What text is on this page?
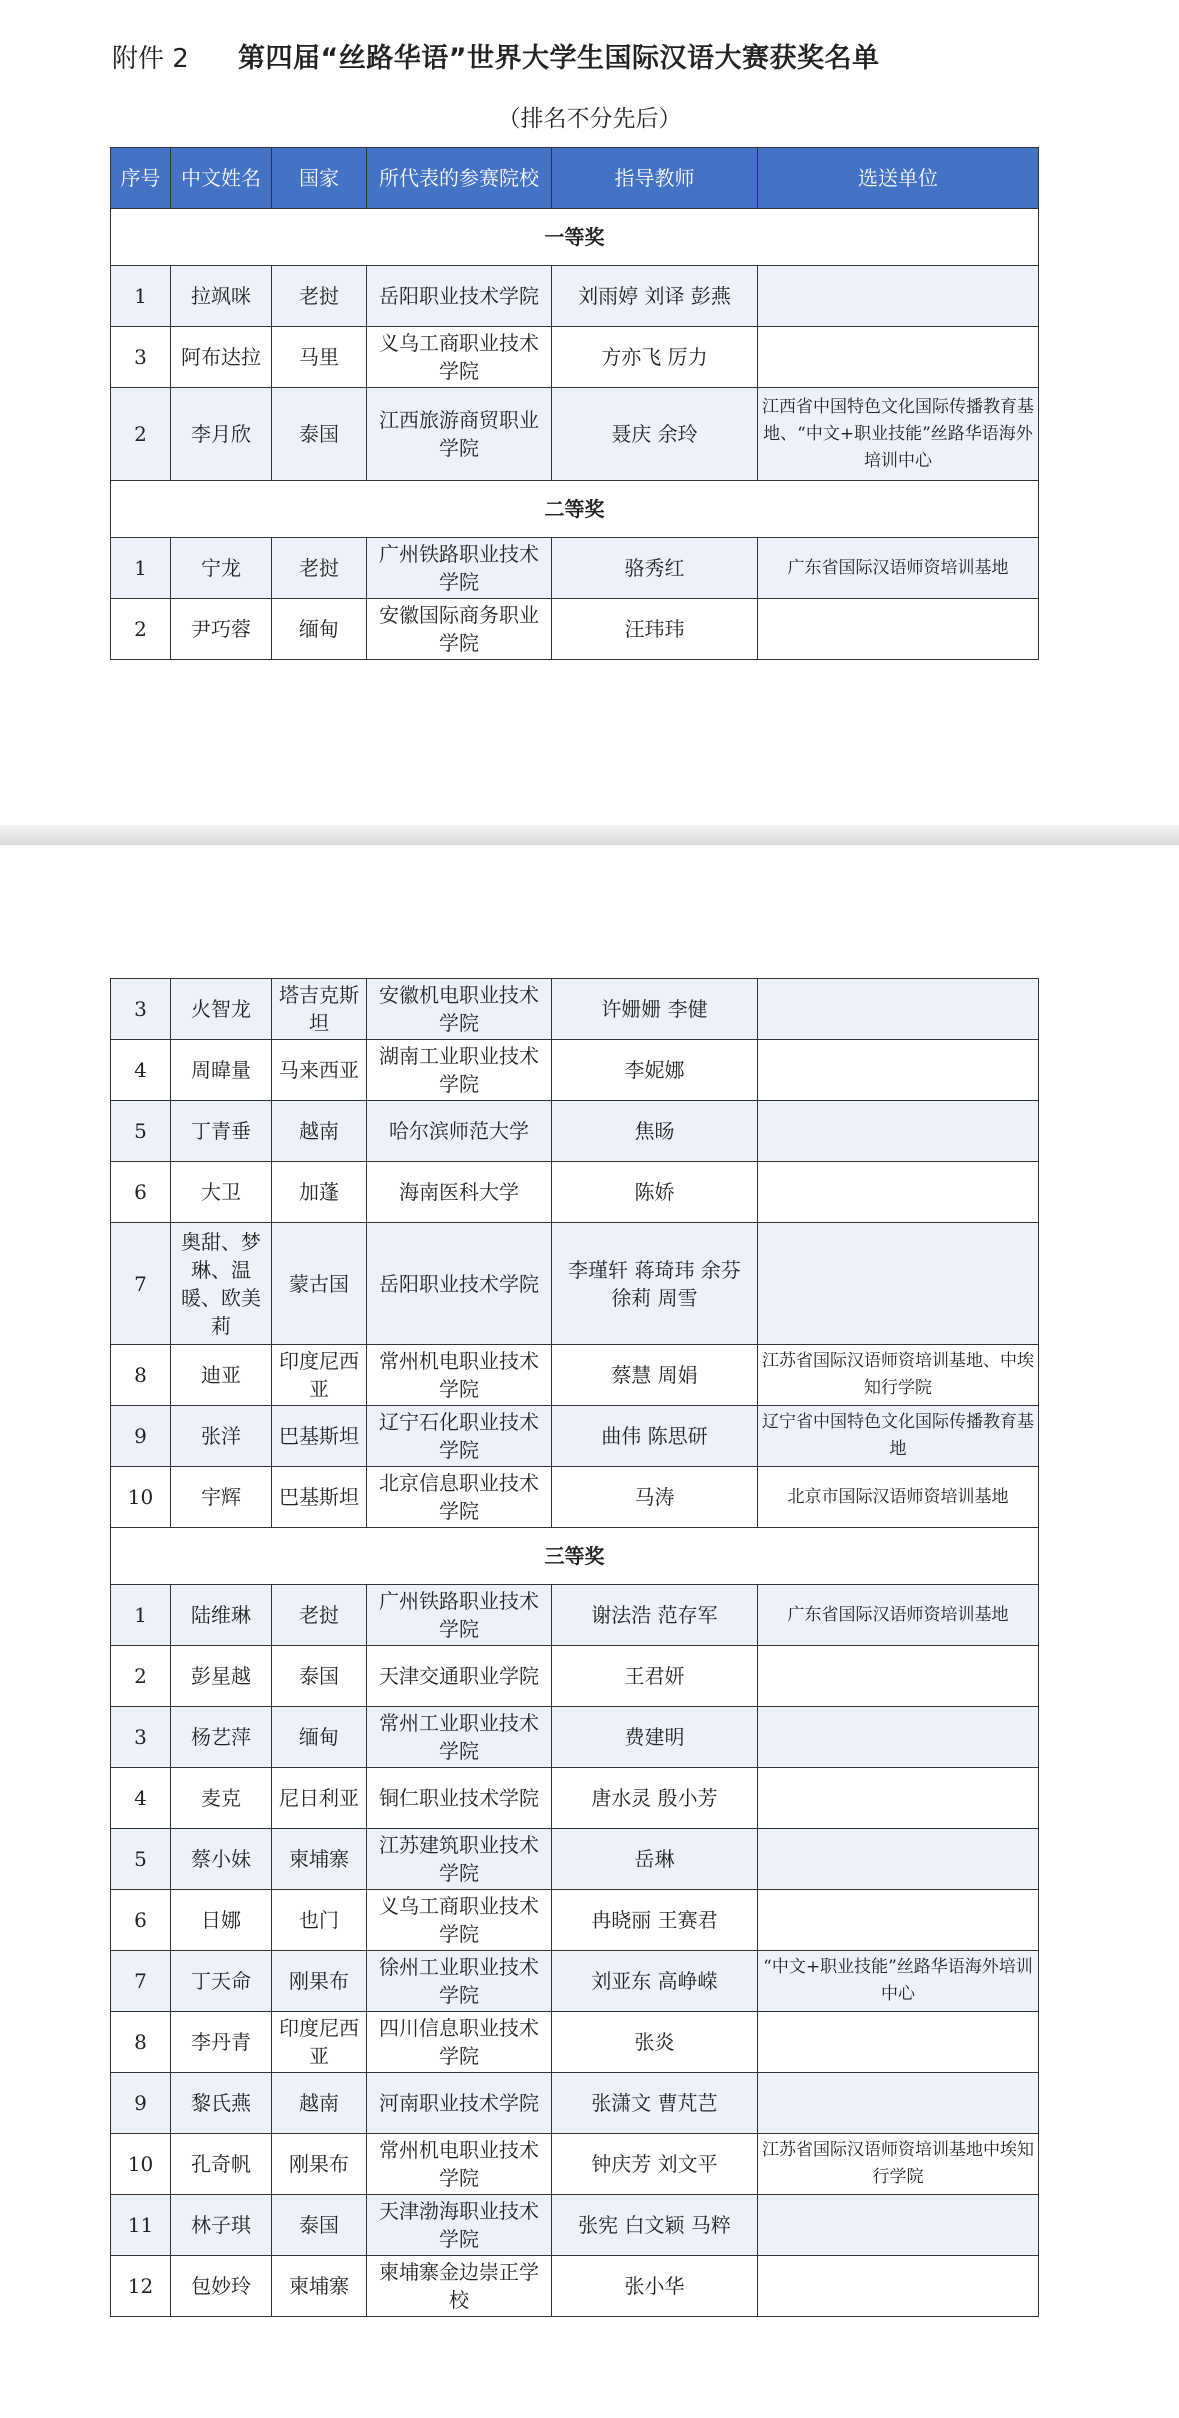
附件 2 第四届“丝路华语”世界大学生国际汉语大赛获奖名单
（排名不分先后）
序号	中文姓名	国家	所代表的参赛院校	指导教师	选送单位
一等奖					
1	拉飒咪	老挝	岳阳职业技术学院	刘雨婷 刘译 彭燕	
3	阿布达拉	马里	义乌工商职业技术学院	方亦飞 厉力	
2	李月欣	泰国	江西旅游商贸职业学院	聂庆 余玲	江西省中国特色文化国际传播教育基地、“中文+职业技能”丝路华语海外培训中心
二等奖					
1	宁龙	老挝	广州铁路职业技术学院	骆秀红	广东省国际汉语师资培训基地
2	尹巧蓉	缅甸	安徽国际商务职业学院	汪玮玮	
3	火智龙	塔吉克斯坦	安徽机电职业技术学院	许姗姗 李健	
4	周暐量	马来西亚	湖南工业职业技术学院	李妮娜	
5	丁青垂	越南	哈尔滨师范大学	焦旸	
6	大卫	加蓬	海南医科大学	陈娇	
7	奥甜、梦琳、温暖、欧美莉	蒙古国	岳阳职业技术学院	李瑾轩 蒋琦玮 余芬 徐莉 周雪	
8	迪亚	印度尼西亚	常州机电职业技术学院	蔡慧 周娟	江苏省国际汉语师资培训基地、中埃知行学院
9	张洋	巴基斯坦	辽宁石化职业技术学院	曲伟 陈思研	辽宁省中国特色文化国际传播教育基地
10	宇辉	巴基斯坦	北京信息职业技术学院	马涛	北京市国际汉语师资培训基地
三等奖					
1	陆维琳	老挝	广州铁路职业技术学院	谢法浩 范存军	广东省国际汉语师资培训基地
2	彭星越	泰国	天津交通职业学院	王君妍	
3	杨艺萍	缅甸	常州工业职业技术学院	费建明	
4	麦克	尼日利亚	铜仁职业技术学院	唐水灵 殷小芳	
5	蔡小妹	柬埔寨	江苏建筑职业技术学院	岳琳	
6	日娜	也门	义乌工商职业技术学院	冉晓丽 王赛君	
7	丁天命	刚果布	徐州工业职业技术学院	刘亚东 高峥嵘	“中文+职业技能”丝路华语海外培训中心
8	李丹青	印度尼西亚	四川信息职业技术学院	张炎	
9	黎氏燕	越南	河南职业技术学院	张潇文 曹芃芑	
10	孔奇帆	刚果布	常州机电职业技术学院	钟庆芳 刘文平	江苏省国际汉语师资培训基地中埃知行学院
11	林子琪	泰国	天津渤海职业技术学院	张宪 白文颖 马粹	
12	包妙玲	柬埔寨	柬埔寨金边崇正学校	张小华	
